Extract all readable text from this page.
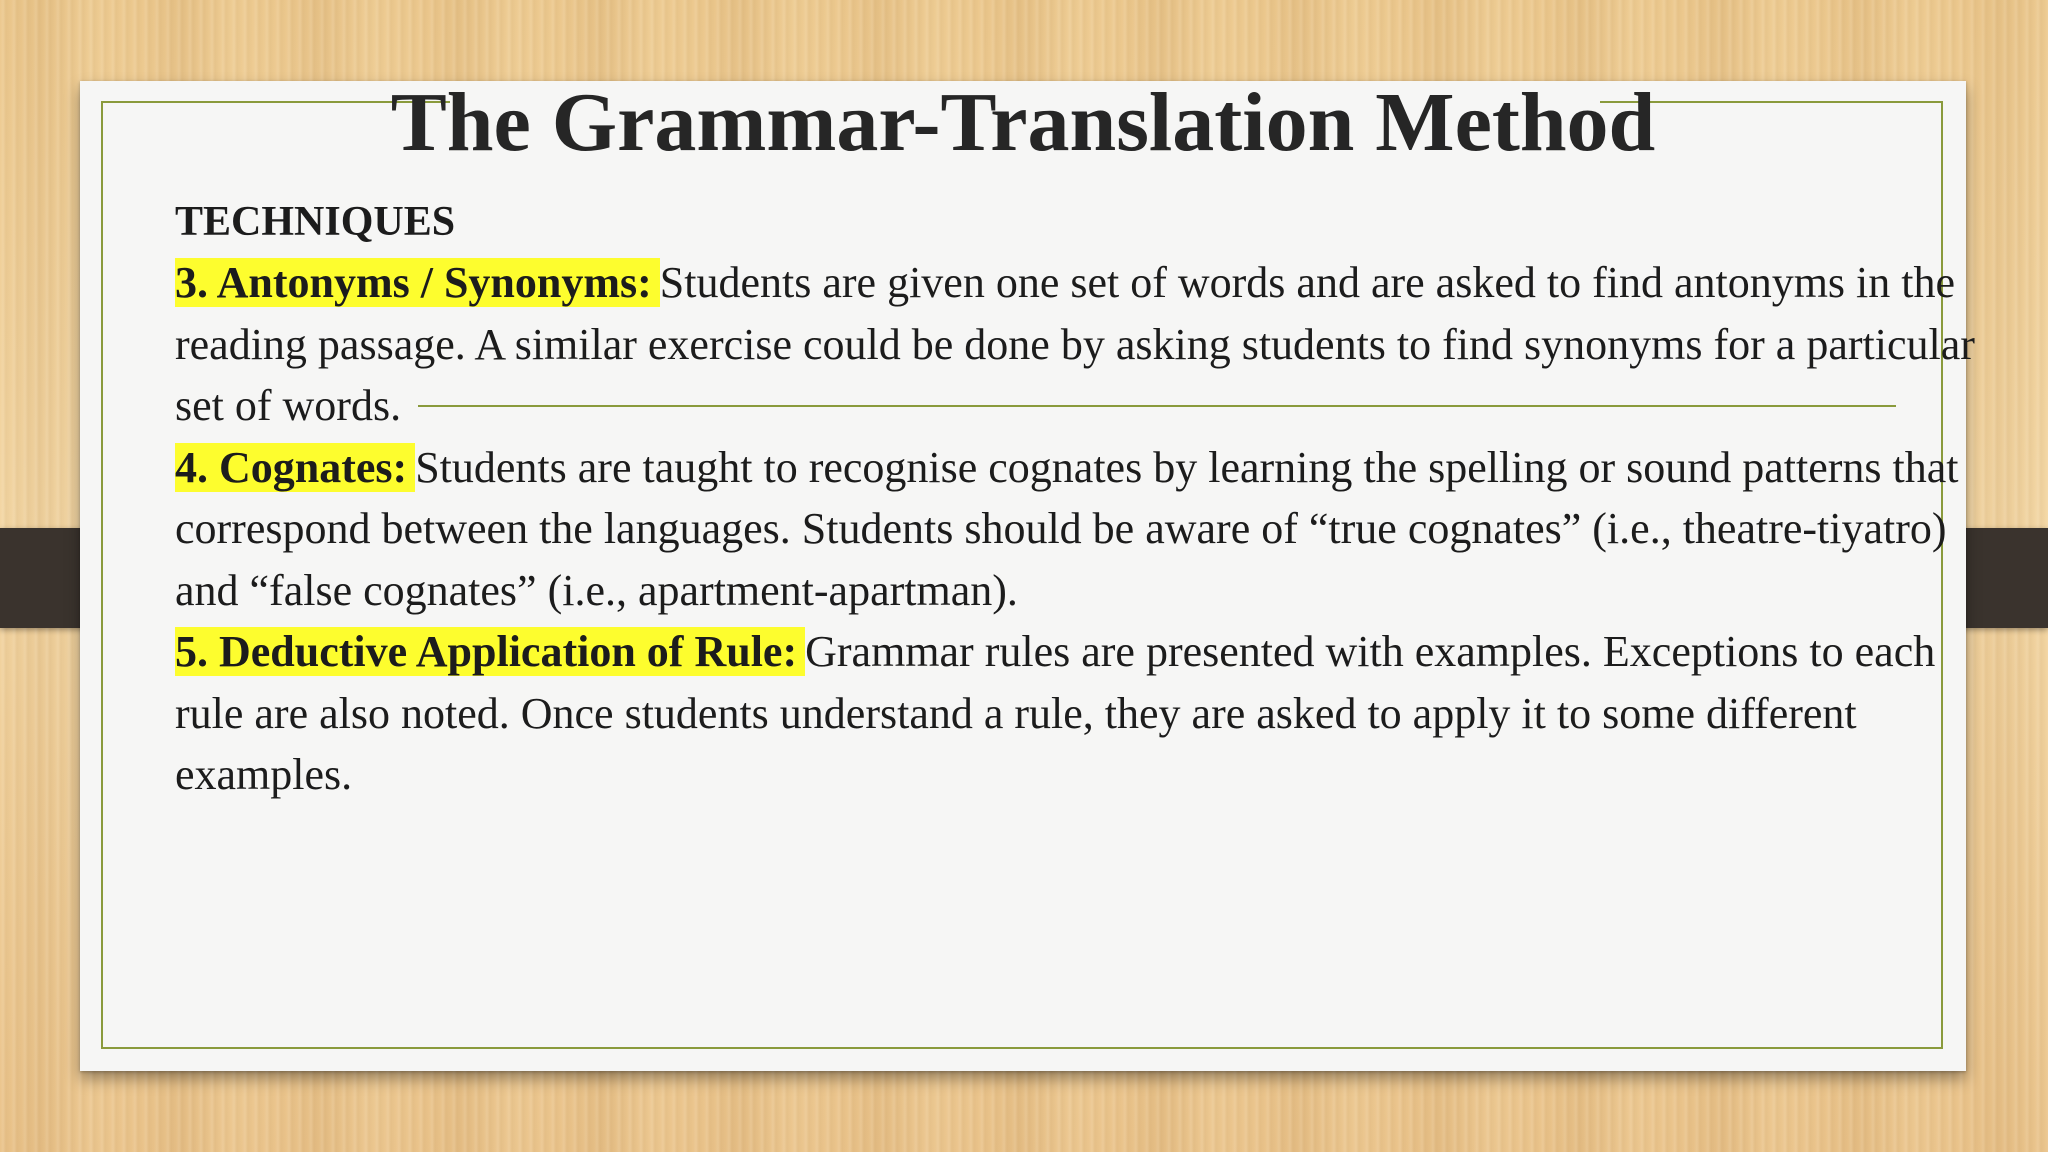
The Grammar-Translation Method
TECHNIQUES

3. Antonyms / Synonyms: Students are given one set of words and are asked to find antonyms in the reading passage. A similar exercise could be done by asking students to find synonyms for a particular set of words.

4. Cognates: Students are taught to recognise cognates by learning the spelling or sound patterns that correspond between the languages. Students should be aware of “true cognates” (i.e., theatre-tiyatro) and “false cognates” (i.e., apartment-apartman).

5. Deductive Application of Rule: Grammar rules are presented with examples. Exceptions to each rule are also noted. Once students understand a rule, they are asked to apply it to some different examples.
